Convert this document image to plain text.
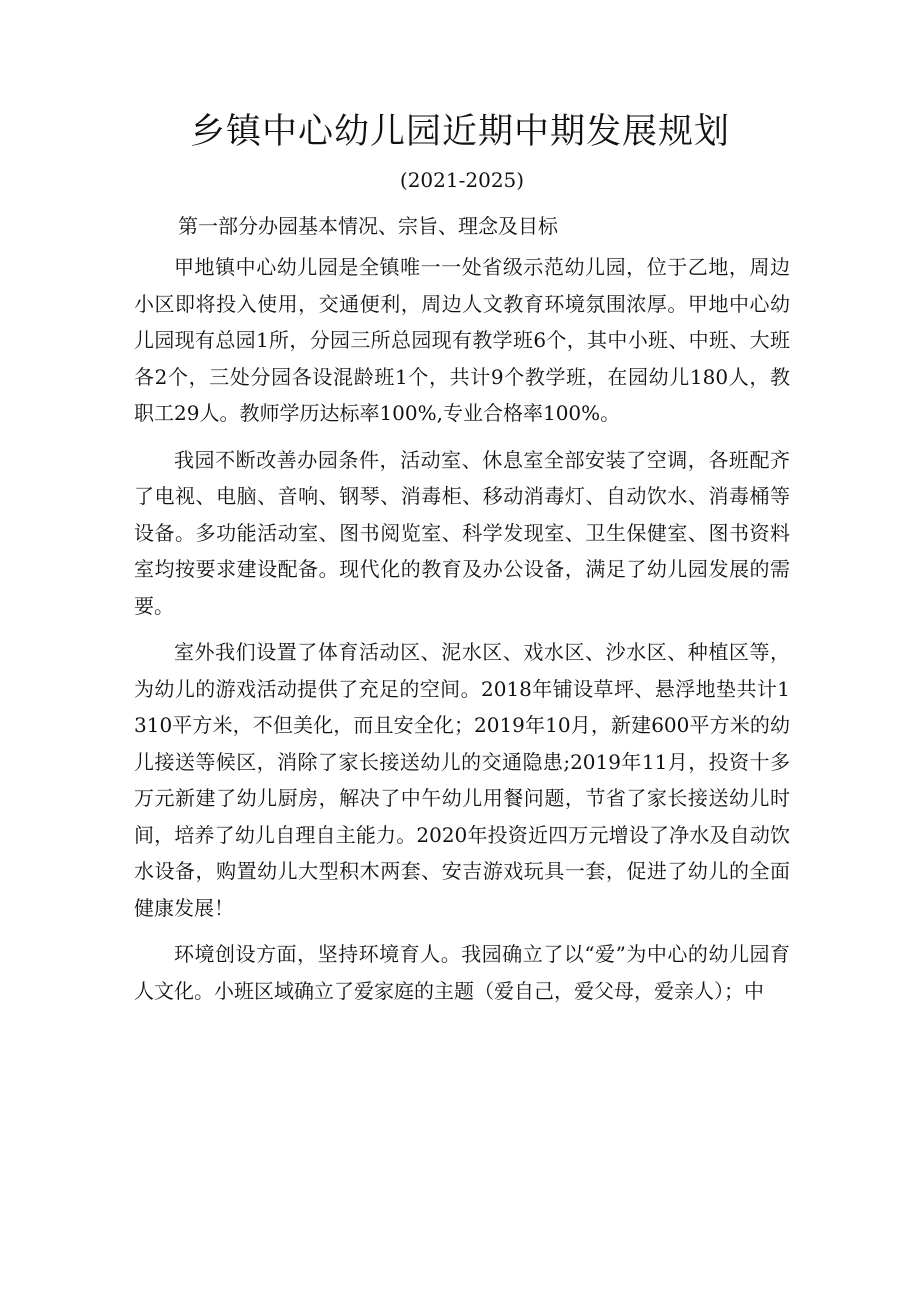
乡镇中心幼儿园近期中期发展规划
(2021-2025)
第一部分办园基本情况、宗旨、理念及目标

甲地镇中心幼儿园是全镇唯一一处省级示范幼儿园，位于乙地，周边小区即将投入使用，交通便利，周边人文教育环境氛围浓厚。甲地中心幼儿园现有总园1所，分园三所总园现有教学班6个，其中小班、中班、大班各2个，三处分园各设混龄班1个，共计9个教学班，在园幼儿180人，教职工29人。教师学历达标率100%,专业合格率100%。

我园不断改善办园条件，活动室、休息室全部安装了空调，各班配齐了电视、电脑、音响、钢琴、消毒柜、移动消毒灯、自动饮水、消毒桶等设备。多功能活动室、图书阅览室、科学发现室、卫生保健室、图书资料室均按要求建设配备。现代化的教育及办公设备，满足了幼儿园发展的需要。

室外我们设置了体育活动区、泥水区、戏水区、沙水区、种植区等，为幼儿的游戏活动提供了充足的空间。2018年铺设草坪、悬浮地垫共计1310平方米，不但美化，而且安全化；2019年10月，新建600平方米的幼儿接送等候区，消除了家长接送幼儿的交通隐患;2019年11月，投资十多万元新建了幼儿厨房，解决了中午幼儿用餐问题，节省了家长接送幼儿时间，培养了幼儿自理自主能力。2020年投资近四万元增设了净水及自动饮水设备，购置幼儿大型积木两套、安吉游戏玩具一套，促进了幼儿的全面健康发展！

环境创设方面，坚持环境育人。我园确立了以“爱”为中心的幼儿园育人文化。小班区域确立了爱家庭的主题（爱自己，爱父母，爱亲人）；中
